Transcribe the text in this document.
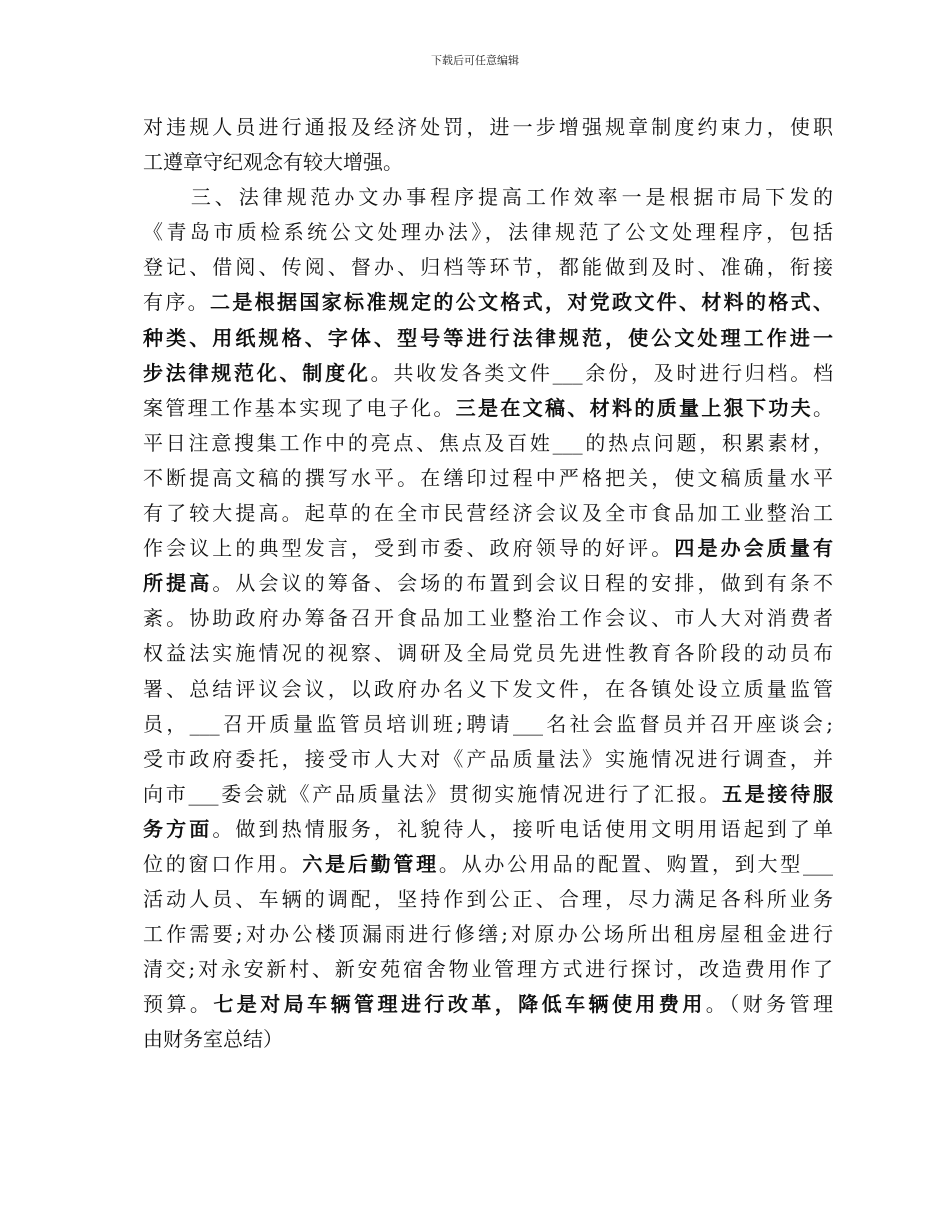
下载后可任意编辑
对违规人员进行通报及经济处罚，进一步增强规章制度约束力，使职
工遵章守纪观念有较大增强。
　　三、法律规范办文办事程序提高工作效率一是根据市局下发的
《青岛市质检系统公文处理办法》，法律规范了公文处理程序，包括
登记、借阅、传阅、督办、归档等环节，都能做到及时、准确，衔接
有序。二是根据国家标准规定的公文格式，对党政文件、材料的格式、
种类、用纸规格、字体、型号等进行法律规范，使公文处理工作进一
步法律规范化、制度化。共收发各类文件___余份，及时进行归档。档
案管理工作基本实现了电子化。三是在文稿、材料的质量上狠下功夫。
平日注意搜集工作中的亮点、焦点及百姓___的热点问题，积累素材，
不断提高文稿的撰写水平。在缮印过程中严格把关，使文稿质量水平
有了较大提高。起草的在全市民营经济会议及全市食品加工业整治工
作会议上的典型发言，受到市委、政府领导的好评。四是办会质量有
所提高。从会议的筹备、会场的布置到会议日程的安排，做到有条不
紊。协助政府办筹备召开食品加工业整治工作会议、市人大对消费者
权益法实施情况的视察、调研及全局党员先进性教育各阶段的动员布
署、总结评议会议，以政府办名义下发文件，在各镇处设立质量监管
员，___召开质量监管员培训班;聘请___名社会监督员并召开座谈会;
受市政府委托，接受市人大对《产品质量法》实施情况进行调查，并
向市___委会就《产品质量法》贯彻实施情况进行了汇报。五是接待服
务方面。做到热情服务，礼貌待人，接听电话使用文明用语起到了单
位的窗口作用。六是后勤管理。从办公用品的配置、购置，到大型___
活动人员、车辆的调配，坚持作到公正、合理，尽力满足各科所业务
工作需要;对办公楼顶漏雨进行修缮;对原办公场所出租房屋租金进行
清交;对永安新村、新安苑宿舍物业管理方式进行探讨，改造费用作了
预算。七是对局车辆管理进行改革，降低车辆使用费用。（财务管理
由财务室总结）
